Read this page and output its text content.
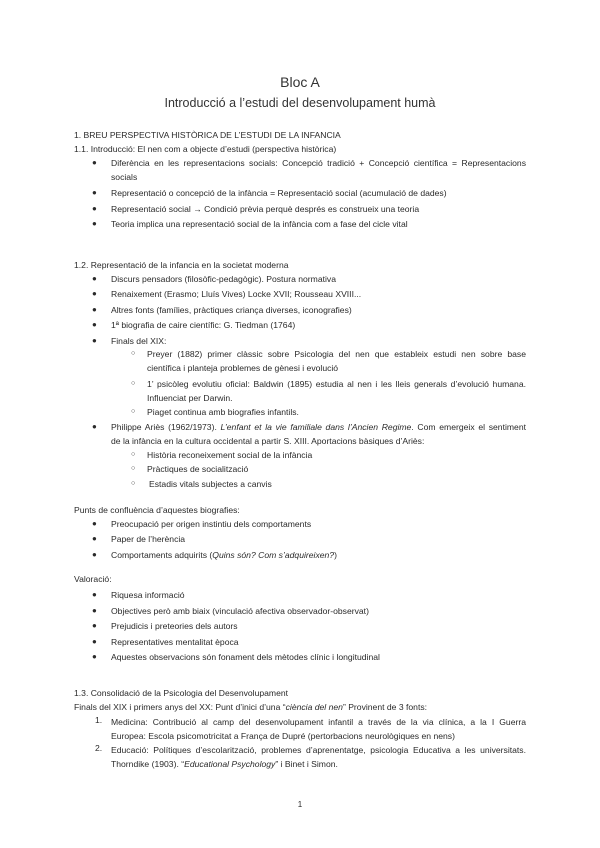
Bloc A
Introducció a l’estudi del desenvolupament humà
1. BREU PERSPECTIVA HISTÒRICA DE L’ESTUDI DE LA INFANCIA
1.1. Introducció: El nen com a objecte d’estudi (perspectiva històrica)
● Diferència en les representacions socials: Concepció tradició + Concepció científica = Representacions
socials
● Representació o concepció de la infància = Representació social (acumulació de dades)
● Representació social → Condició prèvia perquè després es construeix una teoria
● Teoria implica una representació social de la infància com a fase del cicle vital
1.2. Representació de la infancia en la societat moderna
● Discurs pensadors (filosòfic-pedagògic). Postura normativa
● Renaixement (Erasmo; Lluís Vives) Locke XVII; Rousseau XVIII...
● Altres fonts (famílies, pràctiques criança diverses, iconografies)
● 1ª biografia de caire científic: G. Tiedman (1764)
● Finals del XIX:
○ Preyer (1882) primer clàssic sobre Psicologia del nen que estableix estudi nen sobre base
científica i planteja problemes de gènesi i evolució
○ 1’ psicòleg evolutiu oficial: Baldwin (1895) estudia al nen i les lleis generals d’evolució humana.
Influenciat per Darwin.
○ Piaget continua amb biografies infantils.
● Philippe Ariès (1962/1973). L’enfant et la vie familiale dans l’Ancien Regime. Com emergeix el sentiment
de la infància en la cultura occidental a partir S. XIII. Aportacions bàsiques d’Ariès:
○ Història reconeixement social de la infància
○ Pràctiques de socialització
○ Estadis vitals subjectes a canvis
Punts de confluència d’aquestes biografies:
● Preocupació per origen instintiu dels comportaments
● Paper de l’herència
● Comportaments adquirits (Quins són? Com s’adquireixen?)
Valoració:
● Riquesa informació
● Objectives però amb biaix (vinculació afectiva observador-observat)
● Prejudicis i preteories dels autors
● Representatives mentalitat època
● Aquestes observacions són fonament dels mètodes clínic i longitudinal
1.3. Consolidació de la Psicologia del Desenvolupament
Finals del XIX i primers anys del XX: Punt d’inici d’una “ciència del nen” Provinent de 3 fonts:
1. Medicina: Contribució al camp del desenvolupament infantil a través de la via clínica, a la I Guerra
Europea: Escola psicomotricitat a França de Dupré (pertorbacions neurològiques en nens)
2. Educació: Polítiques d’escolarització, problemes d’aprenentatge, psicologia Educativa a les universitats.
Thorndike (1903). “Educational Psychology” i Binet i Simon.
1
